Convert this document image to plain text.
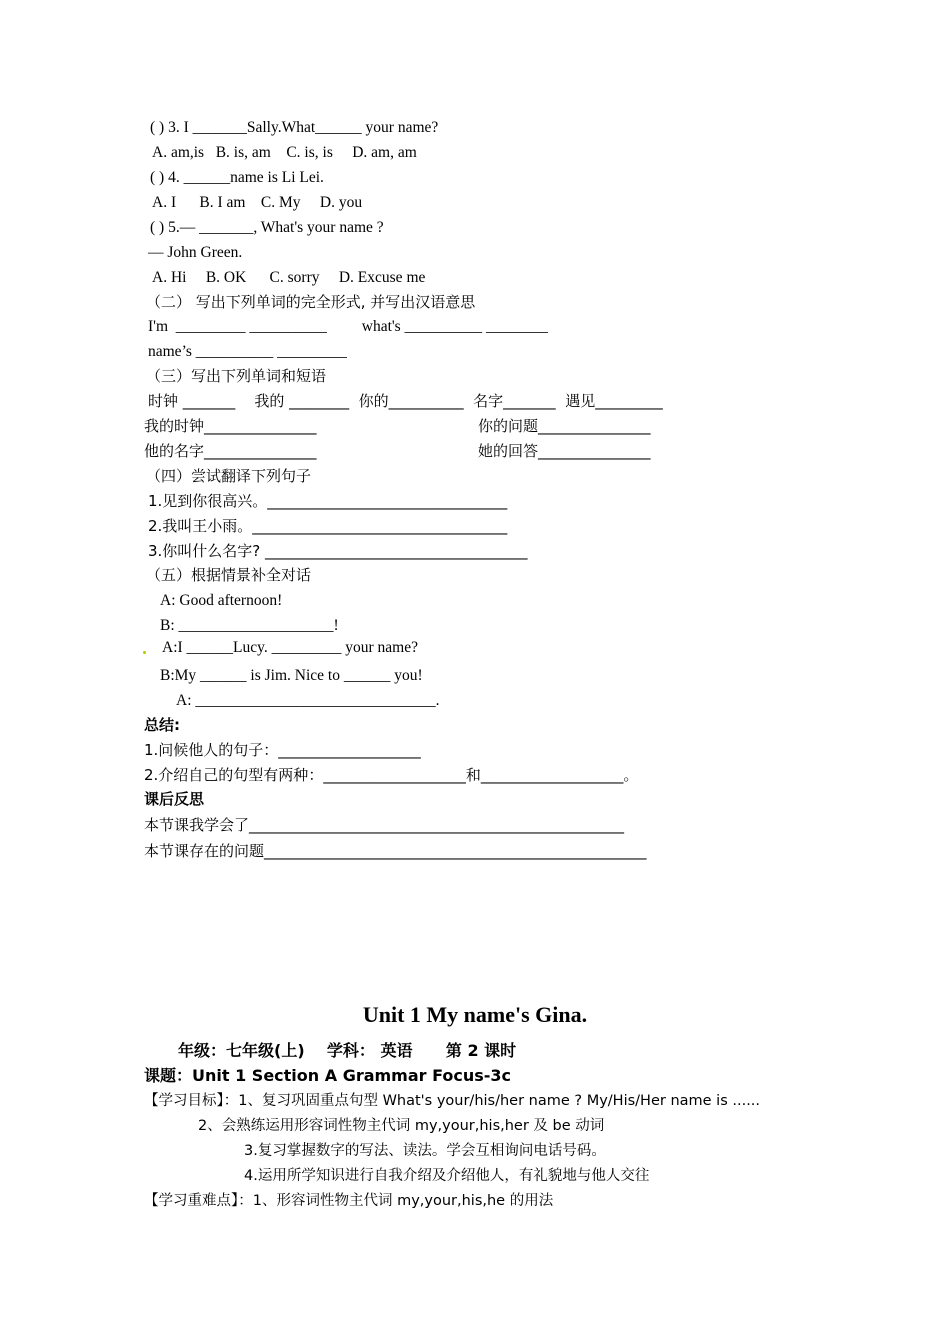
( ) 3. I _______Sally.What______ your name?
A. am,is   B. is, am    C. is, is     D. am, am
( ) 4. ______name is Li Lei.
A. I      B. I am    C. My     D. you
( ) 5.— _______, What's your name ?
— John Green.
A. Hi     B. OK      C. sorry     D. Excuse me
（二） 写出下列单词的完全形式, 并写出汉语意思
I'm  _________ __________         what's __________ ________
name’s __________ _________
（三）写出下列单词和短语
时钟 _______    我的 ________  你的__________  名字_______  遇见_________
我的时钟_______________	你的问题_______________
他的名字_______________	她的回答_______________
（四）尝试翻译下列句子
1.见到你很高兴。________________________________
2.我叫王小雨。__________________________________
3.你叫什么名字? ___________________________________
（五）根据情景补全对话
A: Good afternoon!
B: ____________________!
A:I ______Lucy. _________ your name?
B:My ______ is Jim. Nice to ______ you!
A: _______________________________.
总结:
1.问候他人的句子：___________________
2.介绍自己的句型有两种：___________________和___________________。
课后反思
本节课我学会了__________________________________________________
本节课存在的问题___________________________________________________
Unit 1 My name's Gina.
年级：七年级(上)    学科： 英语      第 2 课时
课题：Unit 1 Section A Grammar Focus-3c
【学习目标】：1、复习巩固重点句型 What's your/his/her name ? My/His/Her name is ......
2、会熟练运用形容词性物主代词 my,your,his,her 及 be 动词
3.复习掌握数字的写法、读法。学会互相询问电话号码。
4.运用所学知识进行自我介绍及介绍他人，有礼貌地与他人交往
【学习重难点】：1、形容词性物主代词 my,your,his,he 的用法
